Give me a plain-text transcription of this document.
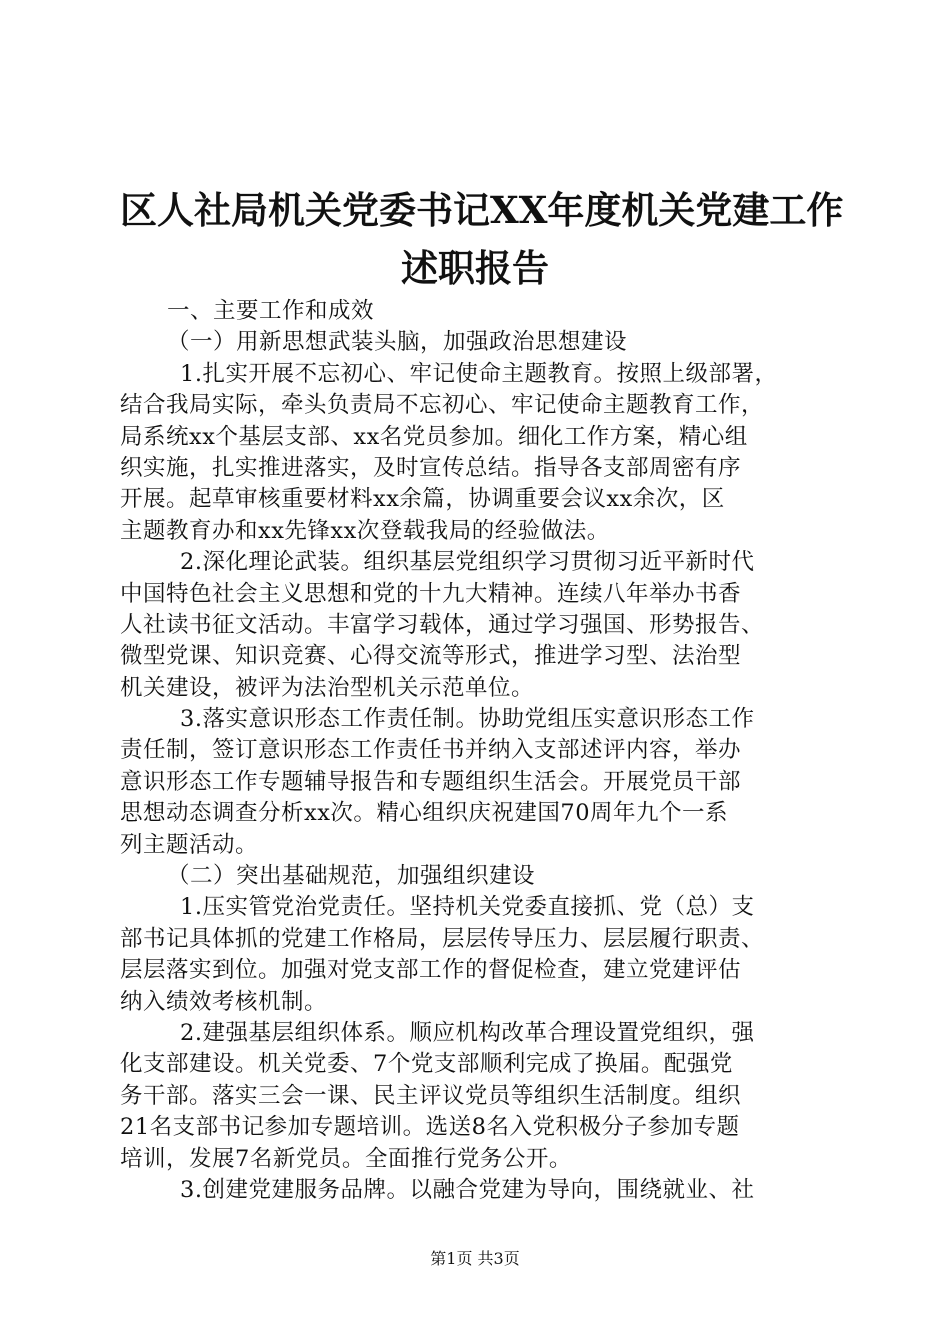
区人社局机关党委书记XX年度机关党建工作
述职报告
一、主要工作和成效
（一）用新思想武装头脑，加强政治思想建设
1.扎实开展不忘初心、牢记使命主题教育。按照上级部署，
结合我局实际，牵头负责局不忘初心、牢记使命主题教育工作，
局系统xx个基层支部、xx名党员参加。细化工作方案，精心组
织实施，扎实推进落实，及时宣传总结。指导各支部周密有序
开展。起草审核重要材料xx余篇，协调重要会议xx余次，区
主题教育办和xx先锋xx次登载我局的经验做法。
2.深化理论武装。组织基层党组织学习贯彻习近平新时代
中国特色社会主义思想和党的十九大精神。连续八年举办书香
人社读书征文活动。丰富学习载体，通过学习强国、形势报告、
微型党课、知识竞赛、心得交流等形式，推进学习型、法治型
机关建设，被评为法治型机关示范单位。
3.落实意识形态工作责任制。协助党组压实意识形态工作
责任制，签订意识形态工作责任书并纳入支部述评内容，举办
意识形态工作专题辅导报告和专题组织生活会。开展党员干部
思想动态调查分析xx次。精心组织庆祝建国70周年九个一系
列主题活动。
（二）突出基础规范，加强组织建设
1.压实管党治党责任。坚持机关党委直接抓、党（总）支
部书记具体抓的党建工作格局，层层传导压力、层层履行职责、
层层落实到位。加强对党支部工作的督促检查，建立党建评估
纳入绩效考核机制。
2.建强基层组织体系。顺应机构改革合理设置党组织，强
化支部建设。机关党委、7个党支部顺利完成了换届。配强党
务干部。落实三会一课、民主评议党员等组织生活制度。组织
21名支部书记参加专题培训。选送8名入党积极分子参加专题
培训，发展7名新党员。全面推行党务公开。
3.创建党建服务品牌。以融合党建为导向，围绕就业、社
第1页 共3页
